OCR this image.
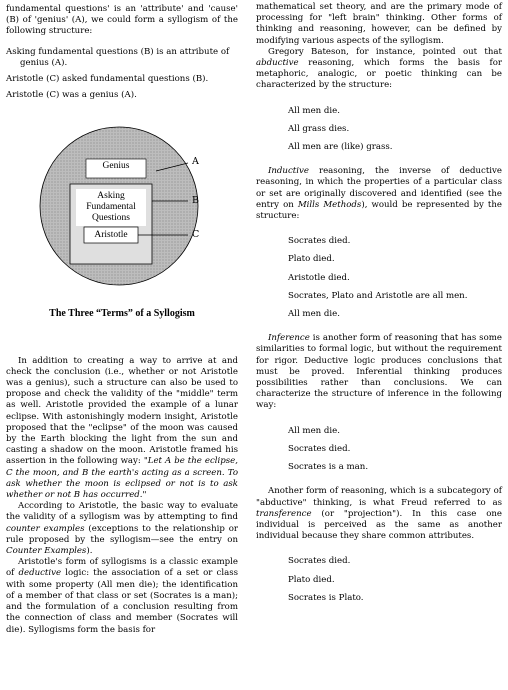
fundamental questions' is an 'attribute' and 'cause' (B) of 'genius' (A), we could form a syllogism of the following structure:

Asking fundamental questions (B) is an attribute of genius (A).
Aristotle (C) asked fundamental questions (B).
Aristotle (C) was a genius (A).
Genius
Asking Fundamental Questions
Aristotle
A
B
C
The Three “Terms” of a Syllogism

In addition to creating a way to arrive at and check the conclusion (i.e., whether or not Aristotle was a genius), such a structure can also be used to propose and check the validity of the "middle" term as well. Aristotle provided the example of a lunar eclipse. With astonishingly modern insight, Aristotle proposed that the "eclipse" of the moon was caused by the Earth blocking the light from the sun and casting a shadow on the moon. Aristotle framed his assertion in the following way: "Let A be the eclipse, C the moon, and B the earth's acting as a screen. To ask whether the moon is eclipsed or not is to ask whether or not B has occurred."

According to Aristotle, the basic way to evaluate the validity of a syllogism was by attempting to find counter examples (exceptions to the relationship or rule proposed by the syllogism—see the entry on Counter Examples).

Aristotle's form of syllogisms is a classic example of deductive logic: the association of a set or class with some property (All men die); the identification of a member of that class or set (Socrates is a man); and the formulation of a conclusion resulting from the connection of class and member (Socrates will die). Syllogisms form the basis for

mathematical set theory, and are the primary mode of processing for "left brain" thinking. Other forms of thinking and reasoning, however, can be defined by modifying various aspects of the syllogism.

Gregory Bateson, for instance, pointed out that abductive reasoning, which forms the basis for metaphoric, analogic, or poetic thinking can be characterized by the structure:

All men die.
All grass dies.
All men are (like) grass.

Inductive reasoning, the inverse of deductive reasoning, in which the properties of a particular class or set are originally discovered and identified (see the entry on Mills Methods), would be represented by the structure:

Socrates died.
Plato died.
Aristotle died.
Socrates, Plato and Aristotle are all men.
All men die.

Inference is another form of reasoning that has some similarities to formal logic, but without the requirement for rigor. Deductive logic produces conclusions that must be proved. Inferential thinking produces possibilities rather than conclusions. We can characterize the structure of inference in the following way:

All men die.
Socrates died.
Socrates is a man.

Another form of reasoning, which is a subcategory of "abductive" thinking, is what Freud referred to as transference (or "projection"). In this case one individual is perceived as the same as another individual because they share common attributes.

Socrates died.
Plato died.
Socrates is Plato.
